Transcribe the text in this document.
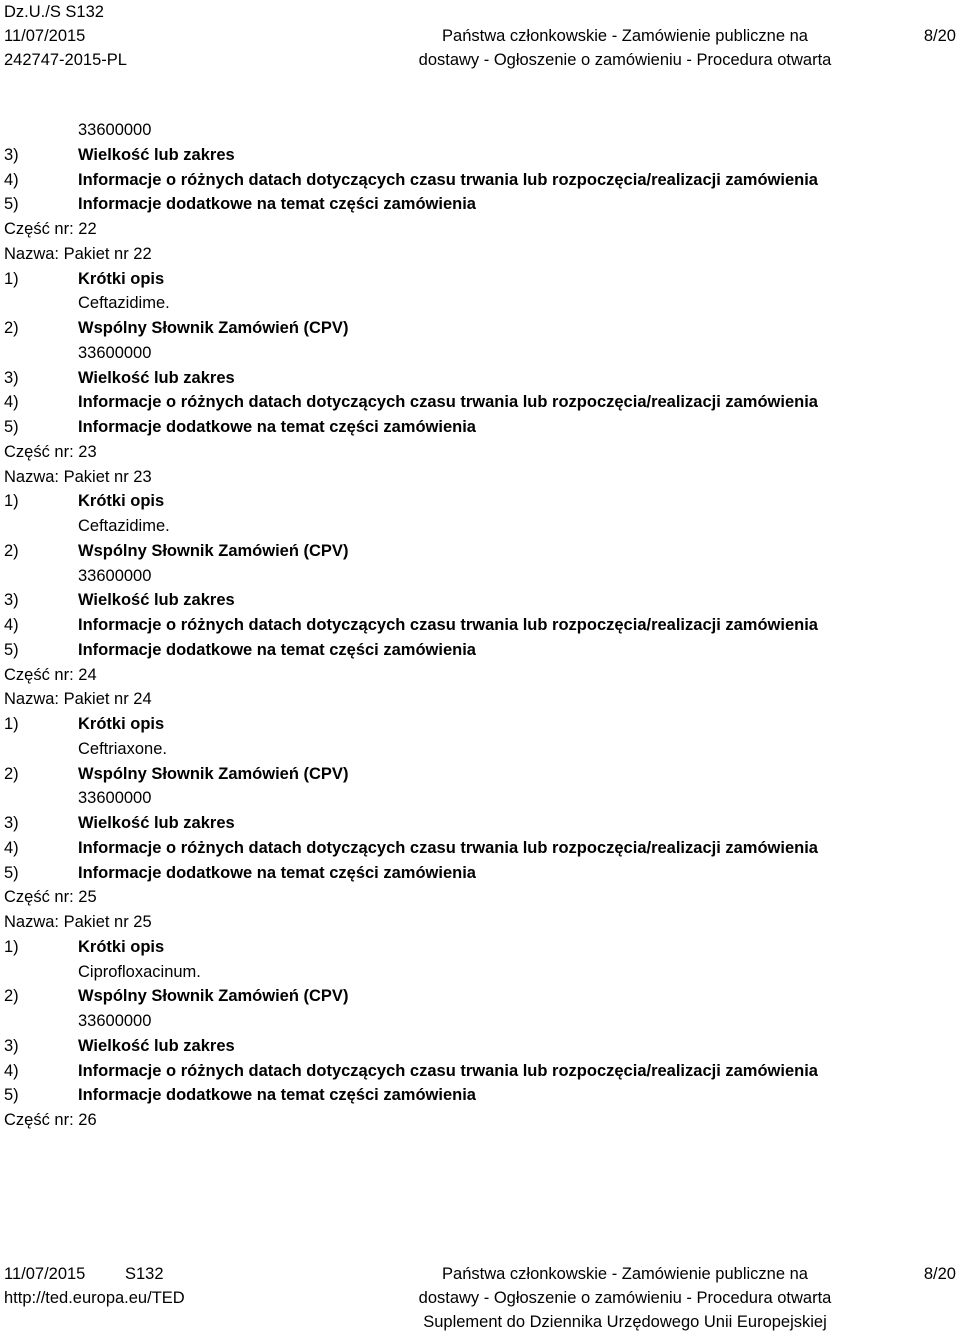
Dz.U./S S132
11/07/2015
242747-2015-PL
Państwa członkowskie - Zamówienie publiczne na
dostawy - Ogłoszenie o zamówieniu - Procedura otwarta
8/20
33600000
3)	Wielkość lub zakres
4)	Informacje o różnych datach dotyczących czasu trwania lub rozpoczęcia/realizacji zamówienia
5)	Informacje dodatkowe na temat części zamówienia
Część nr: 22
Nazwa: Pakiet nr 22
1)	Krótki opis
Ceftazidime.
2)	Wspólny Słownik Zamówień (CPV)
33600000
3)	Wielkość lub zakres
4)	Informacje o różnych datach dotyczących czasu trwania lub rozpoczęcia/realizacji zamówienia
5)	Informacje dodatkowe na temat części zamówienia
Część nr: 23
Nazwa: Pakiet nr 23
1)	Krótki opis
Ceftazidime.
2)	Wspólny Słownik Zamówień (CPV)
33600000
3)	Wielkość lub zakres
4)	Informacje o różnych datach dotyczących czasu trwania lub rozpoczęcia/realizacji zamówienia
5)	Informacje dodatkowe na temat części zamówienia
Część nr: 24
Nazwa: Pakiet nr 24
1)	Krótki opis
Ceftriaxone.
2)	Wspólny Słownik Zamówień (CPV)
33600000
3)	Wielkość lub zakres
4)	Informacje o różnych datach dotyczących czasu trwania lub rozpoczęcia/realizacji zamówienia
5)	Informacje dodatkowe na temat części zamówienia
Część nr: 25
Nazwa: Pakiet nr 25
1)	Krótki opis
Ciprofloxacinum.
2)	Wspólny Słownik Zamówień (CPV)
33600000
3)	Wielkość lub zakres
4)	Informacje o różnych datach dotyczących czasu trwania lub rozpoczęcia/realizacji zamówienia
5)	Informacje dodatkowe na temat części zamówienia
Część nr: 26
11/07/2015 S132
http://ted.europa.eu/TED
Państwa członkowskie - Zamówienie publiczne na
dostawy - Ogłoszenie o zamówieniu - Procedura otwarta
Suplement do Dziennika Urzędowego Unii Europejskiej
8/20
